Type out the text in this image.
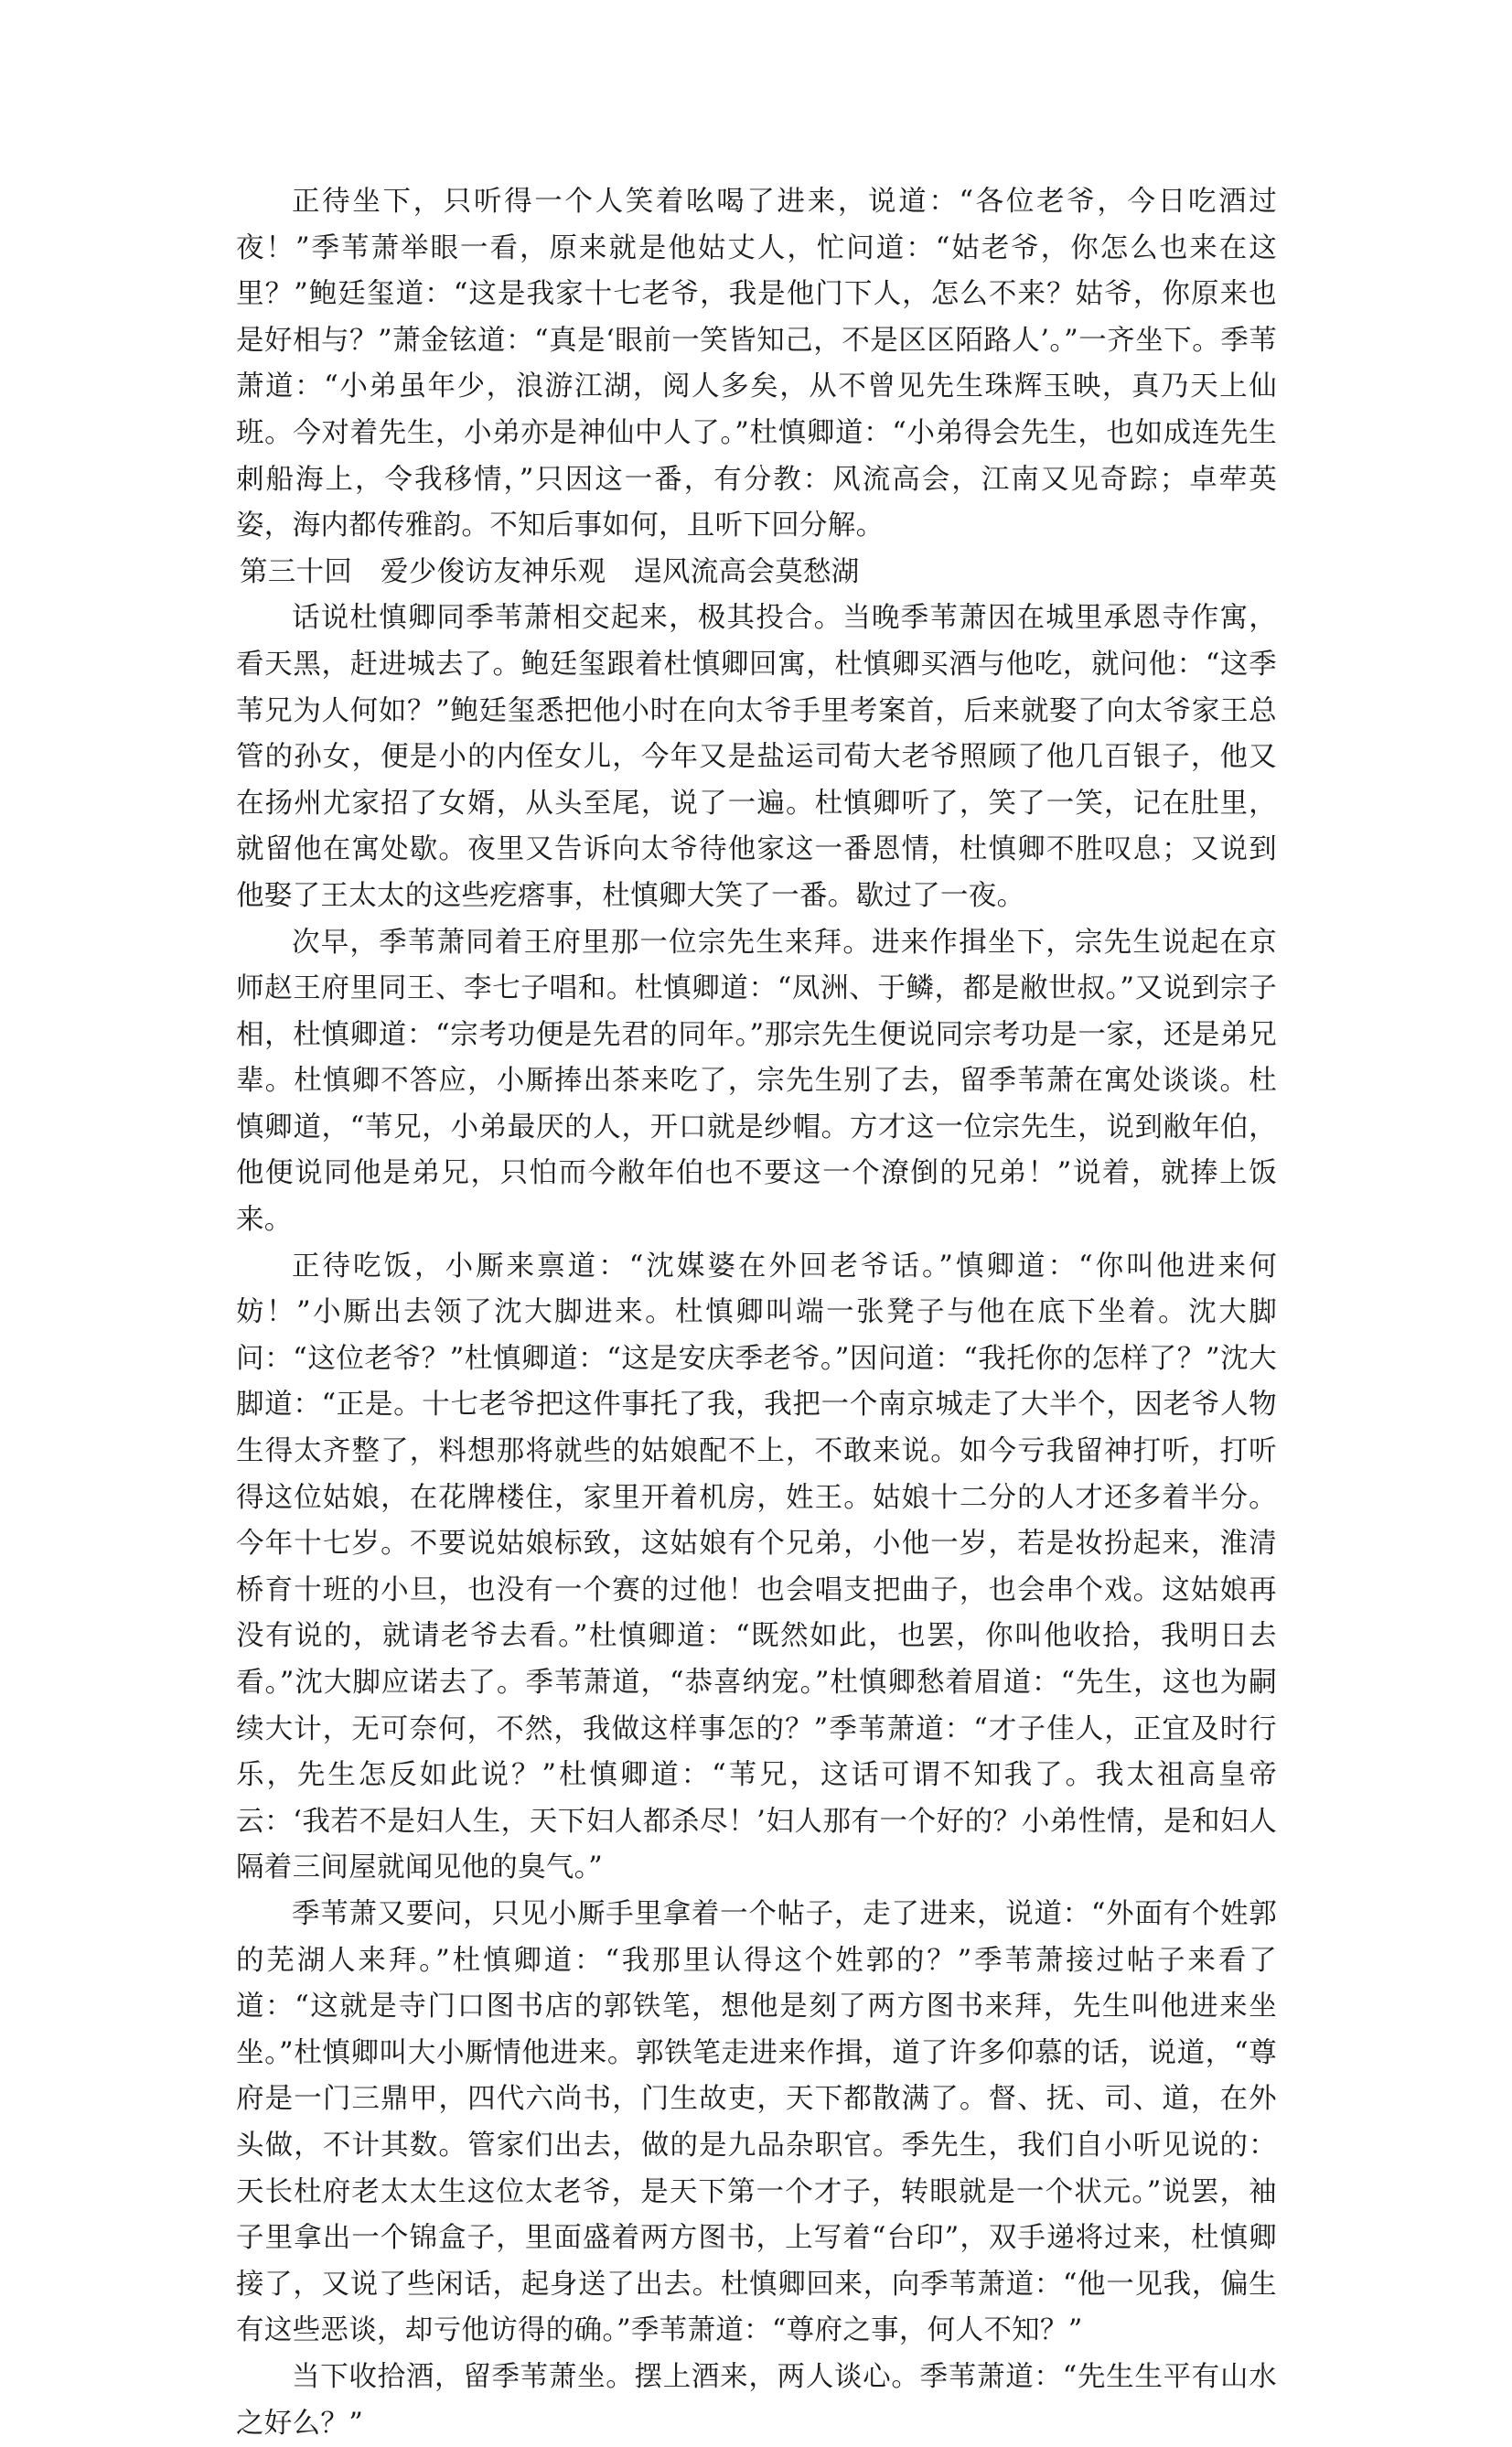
正待坐下，只听得一个人笑着吆喝了进来，说道：“各位老爷，今日吃酒过夜！”季苇萧举眼一看，原来就是他姑丈人，忙问道：“姑老爷，你怎么也来在这里？”鲍廷玺道：“这是我家十七老爷，我是他门下人，怎么不来？姑爷，你原来也是好相与？”萧金铉道：“真是‘眼前一笑皆知己，不是区区陌路人’。”一齐坐下。季苇萧道：“小弟虽年少，浪游江湖，阅人多矣，从不曾见先生珠辉玉映，真乃天上仙班。今对着先生，小弟亦是神仙中人了。”杜慎卿道：“小弟得会先生，也如成连先生刺船海上，令我移情，”只因这一番，有分教：风流高会，江南又见奇踪；卓荦英姿，海内都传雅韵。不知后事如何，且听下回分解。

第三十回　爱少俊访友神乐观　逞风流高会莫愁湖

话说杜慎卿同季苇萧相交起来，极其投合。当晚季苇萧因在城里承恩寺作寓，看天黑，赶进城去了。鲍廷玺跟着杜慎卿回寓，杜慎卿买酒与他吃，就问他：“这季苇兄为人何如？”鲍廷玺悉把他小时在向太爷手里考案首，后来就娶了向太爷家王总管的孙女，便是小的内侄女儿，今年又是盐运司荀大老爷照顾了他几百银子，他又在扬州尤家招了女婿，从头至尾，说了一遍。杜慎卿听了，笑了一笑，记在肚里，就留他在寓处歇。夜里又告诉向太爷待他家这一番恩情，杜慎卿不胜叹息；又说到他娶了王太太的这些疙瘩事，杜慎卿大笑了一番。歇过了一夜。

次早，季苇萧同着王府里那一位宗先生来拜。进来作揖坐下，宗先生说起在京师赵王府里同王、李七子唱和。杜慎卿道：“凤洲、于鳞，都是敝世叔。”又说到宗子相，杜慎卿道：“宗考功便是先君的同年。”那宗先生便说同宗考功是一家，还是弟兄辈。杜慎卿不答应，小厮捧出茶来吃了，宗先生别了去，留季苇萧在寓处谈谈。杜慎卿道，“苇兄，小弟最厌的人，开口就是纱帽。方才这一位宗先生，说到敝年伯，他便说同他是弟兄，只怕而今敝年伯也不要这一个潦倒的兄弟！”说着，就捧上饭来。

正待吃饭，小厮来禀道：“沈媒婆在外回老爷话。”慎卿道：“你叫他进来何妨！”小厮出去领了沈大脚进来。杜慎卿叫端一张凳子与他在底下坐着。沈大脚问：“这位老爷？”杜慎卿道：“这是安庆季老爷。”因问道：“我托你的怎样了？”沈大脚道：“正是。十七老爷把这件事托了我，我把一个南京城走了大半个，因老爷人物生得太齐整了，料想那将就些的姑娘配不上，不敢来说。如今亏我留神打听，打听得这位姑娘，在花牌楼住，家里开着机房，姓王。姑娘十二分的人才还多着半分。今年十七岁。不要说姑娘标致，这姑娘有个兄弟，小他一岁，若是妆扮起来，淮清桥育十班的小旦，也没有一个赛的过他！也会唱支把曲子，也会串个戏。这姑娘再没有说的，就请老爷去看。”杜慎卿道：“既然如此，也罢，你叫他收拾，我明日去看。”沈大脚应诺去了。季苇萧道，“恭喜纳宠。”杜慎卿愁着眉道：“先生，这也为嗣续大计，无可奈何，不然，我做这样事怎的？”季苇萧道：“才子佳人，正宜及时行乐，先生怎反如此说？”杜慎卿道：“苇兄，这话可谓不知我了。我太祖高皇帝云：‘我若不是妇人生，天下妇人都杀尽！’妇人那有一个好的？小弟性情，是和妇人隔着三间屋就闻见他的臭气。”

季苇萧又要问，只见小厮手里拿着一个帖子，走了进来，说道：“外面有个姓郭的芜湖人来拜。”杜慎卿道：“我那里认得这个姓郭的？”季苇萧接过帖子来看了道：“这就是寺门口图书店的郭铁笔，想他是刻了两方图书来拜，先生叫他进来坐坐。”杜慎卿叫大小厮情他进来。郭铁笔走进来作揖，道了许多仰慕的话，说道，“尊府是一门三鼎甲，四代六尚书，门生故吏，天下都散满了。督、抚、司、道，在外头做，不计其数。管家们出去，做的是九品杂职官。季先生，我们自小听见说的：天长杜府老太太生这位太老爷，是天下第一个才子，转眼就是一个状元。”说罢，袖子里拿出一个锦盒子，里面盛着两方图书，上写着“台印”，双手递将过来，杜慎卿接了，又说了些闲话，起身送了出去。杜慎卿回来，向季苇萧道：“他一见我，偏生有这些恶谈，却亏他访得的确。”季苇萧道：“尊府之事，何人不知？”

当下收拾酒，留季苇萧坐。摆上酒来，两人谈心。季苇萧道：“先生生平有山水之好么？”
